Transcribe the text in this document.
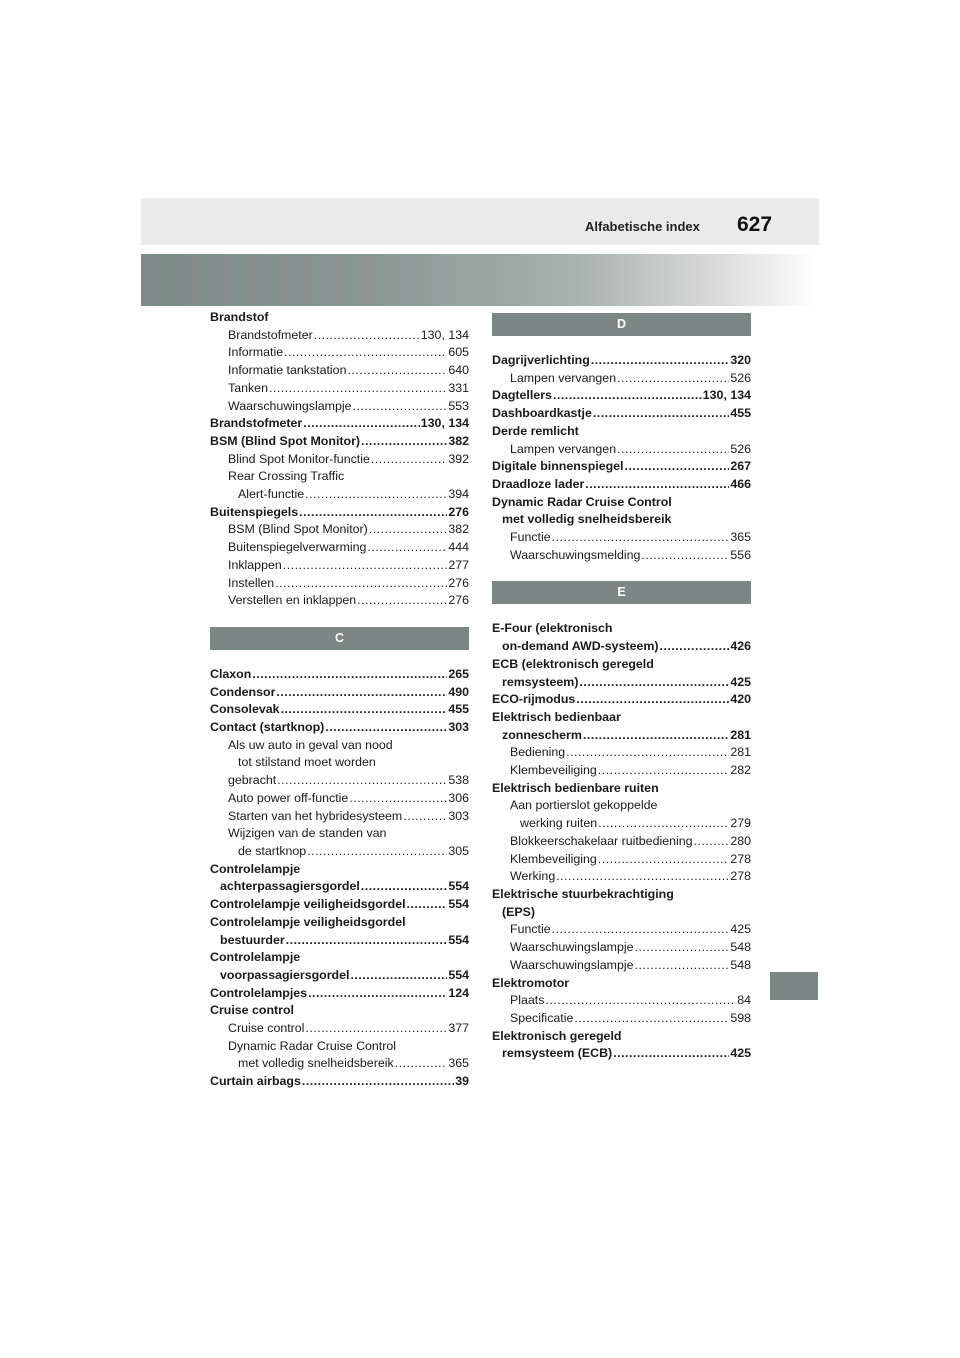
Alfabetische index 627
Brandstof
Brandstofmeter .....	130, 134
Informatie .....	605
Informatie tankstation .....	640
Tanken .....	331
Waarschuwingslampje .....	553
Brandstofmeter .....	130, 134
BSM (Blind Spot Monitor) .....	382
Blind Spot Monitor-functie .....	392
Rear Crossing Traffic
Alert-functie .....	394
Buitenspiegels .....	276
BSM (Blind Spot Monitor) .....	382
Buitenspiegelverwarming .....	444
Inklappen .....	277
Instellen .....	276
Verstellen en inklappen .....	276
C
Claxon .....	265
Condensor .....	490
Consolevak .....	455
Contact (startknop) .....	303
Als uw auto in geval van nood
tot stilstand moet worden
gebracht .....	538
Auto power off-functie .....	306
Starten van het hybridesysteem .....	303
Wijzigen van de standen van
de startknop .....	305
Controlelampje
achterpassagiersgordel .....	554
Controlelampje veiligheidsgordel .....	554
Controlelampje veiligheidsgordel
bestuurder .....	554
Controlelampje
voorpassagiersgordel .....	554
Controlelampjes .....	124
Cruise control
Cruise control .....	377
Dynamic Radar Cruise Control
met volledig snelheidsbereik .....	365
Curtain airbags .....	39
D
Dagrijverlichting .....	320
Lampen vervangen .....	526
Dagtellers .....	130, 134
Dashboardkastje .....	455
Derde remlicht
Lampen vervangen .....	526
Digitale binnenspiegel .....	267
Draadloze lader .....	466
Dynamic Radar Cruise Control
met volledig snelheidsbereik
Functie .....	365
Waarschuwingsmelding .....	556
E
E-Four (elektronisch
on-demand AWD-systeem) .....	426
ECB (elektronisch geregeld
remsysteem) .....	425
ECO-rijmodus .....	420
Elektrisch bedienbaar
zonnescherm .....	281
Bediening .....	281
Klembeveiliging .....	282
Elektrisch bedienbare ruiten
Aan portierslot gekoppelde
werking ruiten .....	279
Blokkeerschakelaar ruitbediening .....	280
Klembeveiliging .....	278
Werking .....	278
Elektrische stuurbekrachtiging
(EPS)
Functie .....	425
Waarschuwingslampje .....	548
Waarschuwingslampje .....	548
Elektromotor
Plaats .....	84
Specificatie .....	598
Elektronisch geregeld
remsysteem (ECB) .....	425
